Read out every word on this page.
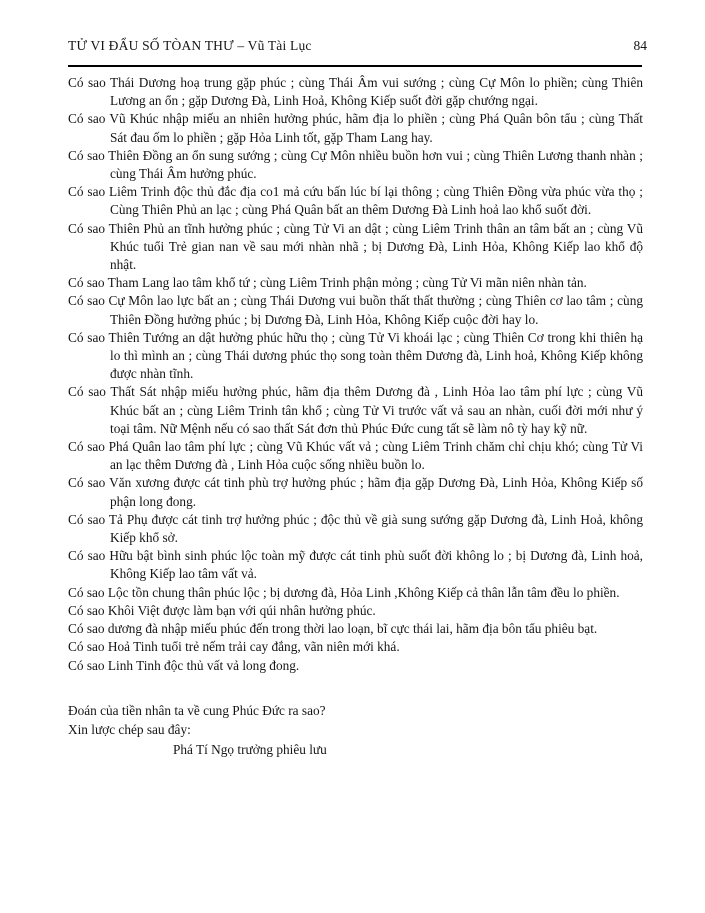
TỬ VI ĐẨU SỐ TÒAN THƯ – Vũ Tài Lục	84

Có sao Thái Dương hoạ trung gặp phúc ; cùng Thái Âm vui sướng ; cùng Cự Môn lo phiền; cùng Thiên Lương an ổn ; gặp Dương Đà, Linh Hoả, Không Kiếp suốt đời gặp chướng ngại.

Có sao Vũ Khúc nhập miếu an nhiên hưởng phúc, hãm địa lo phiền ; cùng Phá Quân bôn tẩu ; cùng Thất Sát đau ốm lo phiền ; gặp Hỏa Linh tốt, gặp Tham Lang hay.

Có sao Thiên Đồng an ổn sung sướng ; cùng Cự Môn nhiều buồn hơn vui ; cùng Thiên Lương thanh nhàn ; cùng Thái Âm hưởng phúc.

Có sao Liêm Trinh độc thủ đắc địa co1 mả cứu bấn lúc bí lại thông ; cùng Thiên Đồng vừa phúc vừa thọ ; Cùng Thiên Phủ an lạc ; cùng Phá Quân bất an thêm Dương Đà Linh hoả lao khổ suốt đời.

Có sao Thiên Phủ an tĩnh hưởng phúc ; cùng Tử Vi an dật ; cùng Liêm Trinh thân an tâm bất an ; cùng Vũ Khúc tuổi Trẻ gian nan về sau mới nhàn nhã ; bị Dương Đà, Linh Hỏa, Không Kiếp lao khổ độ nhật.

Có sao Tham Lang lao tâm khổ tứ ; cùng Liêm Trinh phận mỏng ; cùng Tử Vi mãn niên nhàn tản.

Có sao Cự Môn lao lực bất an ; cùng Thái Dương vui buồn thất thất thường ; cùng Thiên cơ lao tâm ; cùng Thiên Đồng hưởng phúc ; bị Dương Đà, Linh Hỏa, Không Kiếp cuộc đời hay lo.

Có sao Thiên Tướng an dật hưởng phúc hữu thọ ; cùng Tử Vi khoái lạc ; cùng Thiên Cơ trong khi thiên hạ lo thì mình an ; cùng Thái dương phúc thọ song toàn thêm Dương đà, Linh hoả, Không Kiếp không được nhàn tĩnh.

Có sao Thất Sát nhập miếu hưởng phúc, hãm địa thêm Dương đà , Linh Hỏa lao tâm phí lực ; cùng Vũ Khúc bất an ; cùng Liêm Trinh tân khổ ; cùng Tử Vi trước vất vả sau an nhàn, cuối đời mới như ý toại tâm. Nữ Mệnh nếu có sao thất Sát đơn thủ Phúc Đức cung tất sẽ làm nô tỳ hay kỹ nữ.

Có sao Phá Quân lao tâm phí lực ; cùng Vũ Khúc vất vả ; cùng Liêm Trinh chăm chỉ chịu khó; cùng Tử Vi an lạc thêm Dương đà , Linh Hỏa cuộc sống nhiều buồn lo.

Có sao Văn xương được cát tinh phù trợ hưởng phúc ; hãm địa gặp Dương Đà, Linh Hỏa, Không Kiếp số phận long đong.

Có sao Tả Phụ được cát tinh trợ hưởng phúc ; độc thủ về già sung sướng gặp Dương đà, Linh Hoả, không Kiếp khổ sở.

Có sao Hữu bật bình sinh phúc lộc toàn mỹ được cát tinh phù suốt đời không lo ; bị Dương đà, Linh hoả, Không Kiếp lao tâm vất vả.

Có sao Lộc tồn chung thân phúc lộc ; bị dương đà, Hỏa Linh ,Không Kiếp cả thân lẫn tâm đều lo phiền.

Có sao Khôi Việt được làm bạn với qúi nhân hưởng phúc.

Có sao dương đà nhập miếu phúc đến trong thời lao loạn, bĩ cực thái lai, hãm địa bôn tẩu phiêu bạt.

Có sao Hoả Tinh tuổi trẻ nếm trải cay đắng, vãn niên mới khá.

Có sao Linh Tinh độc thủ vất vả long đong.

Đoán của tiền nhân ta về cung Phúc Đức ra sao?

Xin lược chép sau đây:

Phá Tí Ngọ trưởng phiêu lưu
